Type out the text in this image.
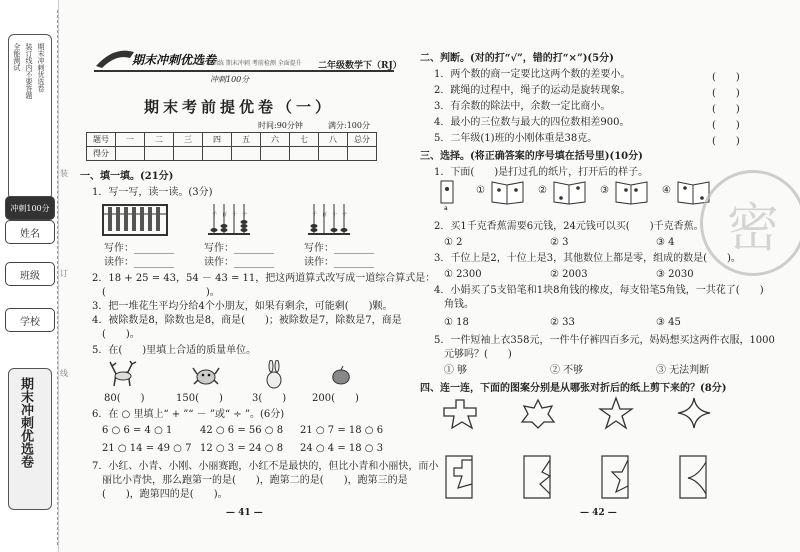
期末冲刺优选卷
装订线内不要答题
全能测试
冲刺100分
姓名
班级
学校
期末冲刺优选卷
装
订
线
期末冲刺优选卷
专项训练 期末冲刺 考前检测 全面提升 二年级数学下（RJ）
冲刺100分
期末考前提优卷（一）
时间:90分钟	满分:100分
题号	一	二	三	四	五	六	七	八	总分
得分									
一、填一填。(21分)
1．写一写，读一读。(3分)
千 百 十 个	千 百 十 个
写作：________
读作：________
写作：________
读作：________
写作：________
读作：________
2．18 + 25 = 43，54 － 43 = 11，把这两道算式改写成一道综合算式是：
(　　　　　　　　　　)。
3．把一堆花生平均分给4个小朋友，如果有剩余，可能剩(　　)颗。
4．被除数是8，除数也是8，商是(　　)；被除数是7，除数是7，商是
(　　)。
5．在(　　)里填上合适的质量单位。
80(　　)	150(　　)	3(　　)	200(　　)
6．在 ○ 里填上“ + ”“ － ”或“ ÷ ”。(6分)
6 ○ 6 = 4 ○ 1	42 ○ 6 = 56 ○ 8 21 ○ 7 = 18 ○ 6
21 ○ 14 = 49 ○ 7 12 ○ 3 = 24 ○ 8 24 ○ 4 = 18 ○ 3
7．小红、小青、小刚、小丽赛跑，小红不是最快的，但比小青和小丽快，而小
丽比小青快，那么跑第一的是(　　)，跑第二的是(　　)，跑第三的是
(　　)，跑第四的是(　　)。
— 41 —
二、判断。(对的打“√”，错的打“×”)(5分)
1．两个数的商一定要比这两个数的差要小。	(　　)
2．跳绳的过程中，绳子的运动是旋转现象。	(　　)
3．有余数的除法中，余数一定比商小。	(　　)
4．最小的三位数与最大的四位数相差900。	(　　)
5．二年级(1)班的小刚体重是38克。	(　　)
三、选择。(将正确答案的序号填在括号里)(10分)
1．下面(　　)是打过孔的纸片，打开后的样子。
a
①	②	③	④
2．买1千克香蕉需要6元钱，24元钱可以买(　　)千克香蕉。
① 2	② 3	③ 4
3．千位上是2，十位上是3，其他数位上都是零，组成的数是(　　)。
① 2300	② 2003	③ 2030
4．小娟买了5支铅笔和1块8角钱的橡皮，每支铅笔5角钱，一共花了(　　)
角钱。
① 18	② 33	③ 45
5．一件短袖上衣358元，一件牛仔裤四百多元，妈妈想买这两件衣服，1000
元够吗？(　　)
① 够	② 不够	③ 无法判断
四、连一连，下面的图案分别是从哪张对折后的纸上剪下来的？(8分)
— 42 —
密
